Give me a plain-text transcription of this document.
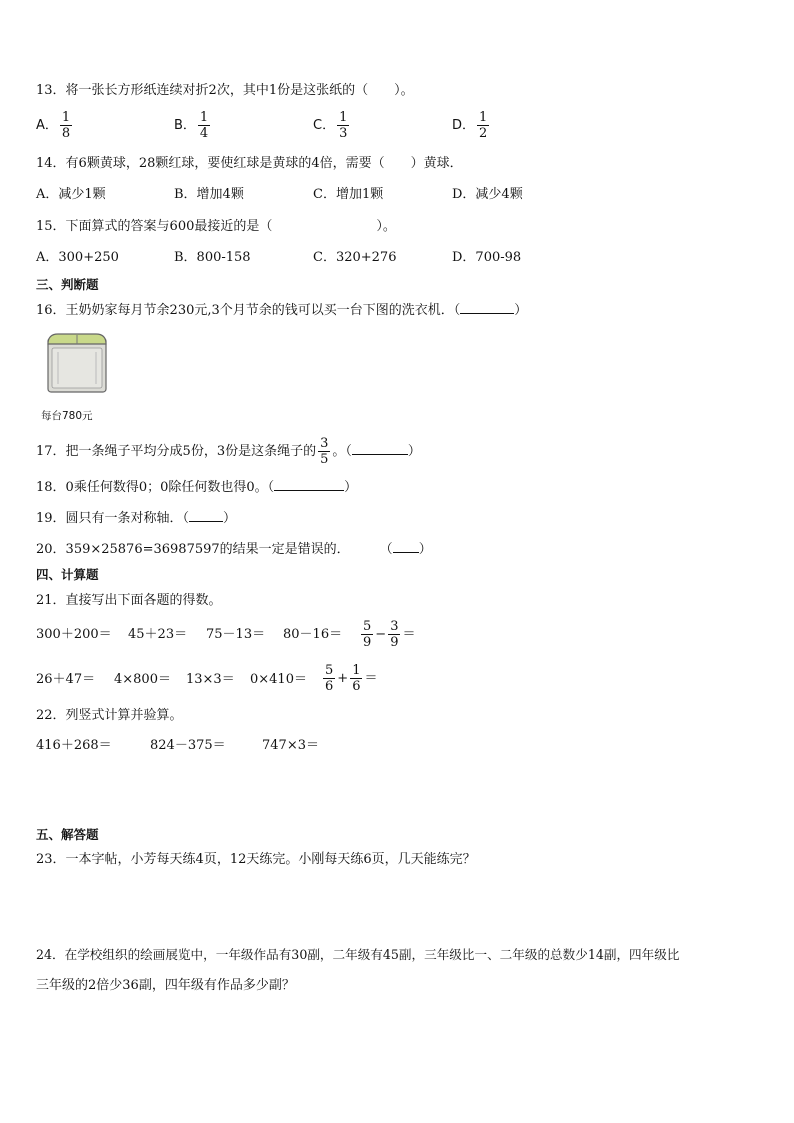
13．将一张长方形纸连续对折2次，其中1份是这张纸的（　　）。
A． $\frac{1}{8}$	B． $\frac{1}{4}$	C． $\frac{1}{3}$	D． $\frac{1}{2}$
14．有6颗黄球，28颗红球，要使红球是黄球的4倍，需要（　　）黄球．
A．减少1颗	B．增加4颗	C．增加1颗	D．减少4颗
15．下面算式的答案与600最接近的是（	）。
A．300+250	B．800-158	C．320+276	D．700-98
三、判断题
16．王奶奶家每月节余230元,3个月节余的钱可以买一台下图的洗衣机．（	）
每台780元
17．把一条绳子平均分成5份，3份是这条绳子的 $\frac{3}{5}$ 。（	）
18．0乘任何数得0；0除任何数也得0。（	）
19．圆只有一条对称轴．（	）
20．359×25876=36987597的结果一定是错误的． （ ）
四、计算题
21．直接写出下面各题的得数。
$300+200= 45+23= 75-13= 80-16= \frac{5}{9} - \frac{3}{9}$ ＝
$26+47= 4\times 800= 13\times 3= 0\times 410= \frac{5}{6} + \frac{1}{6}$ ＝
22．列竖式计算并验算。
416＋268＝	824－375＝	747×3＝
五、解答题
23．一本字帖，小芳每天练4页，12天练完。小刚每天练6页，几天能练完？
24．在学校组织的绘画展览中，一年级作品有30副，二年级有45副，三年级比一、二年级的总数少14副，四年级比
三年级的2倍少36副，四年级有作品多少副？
